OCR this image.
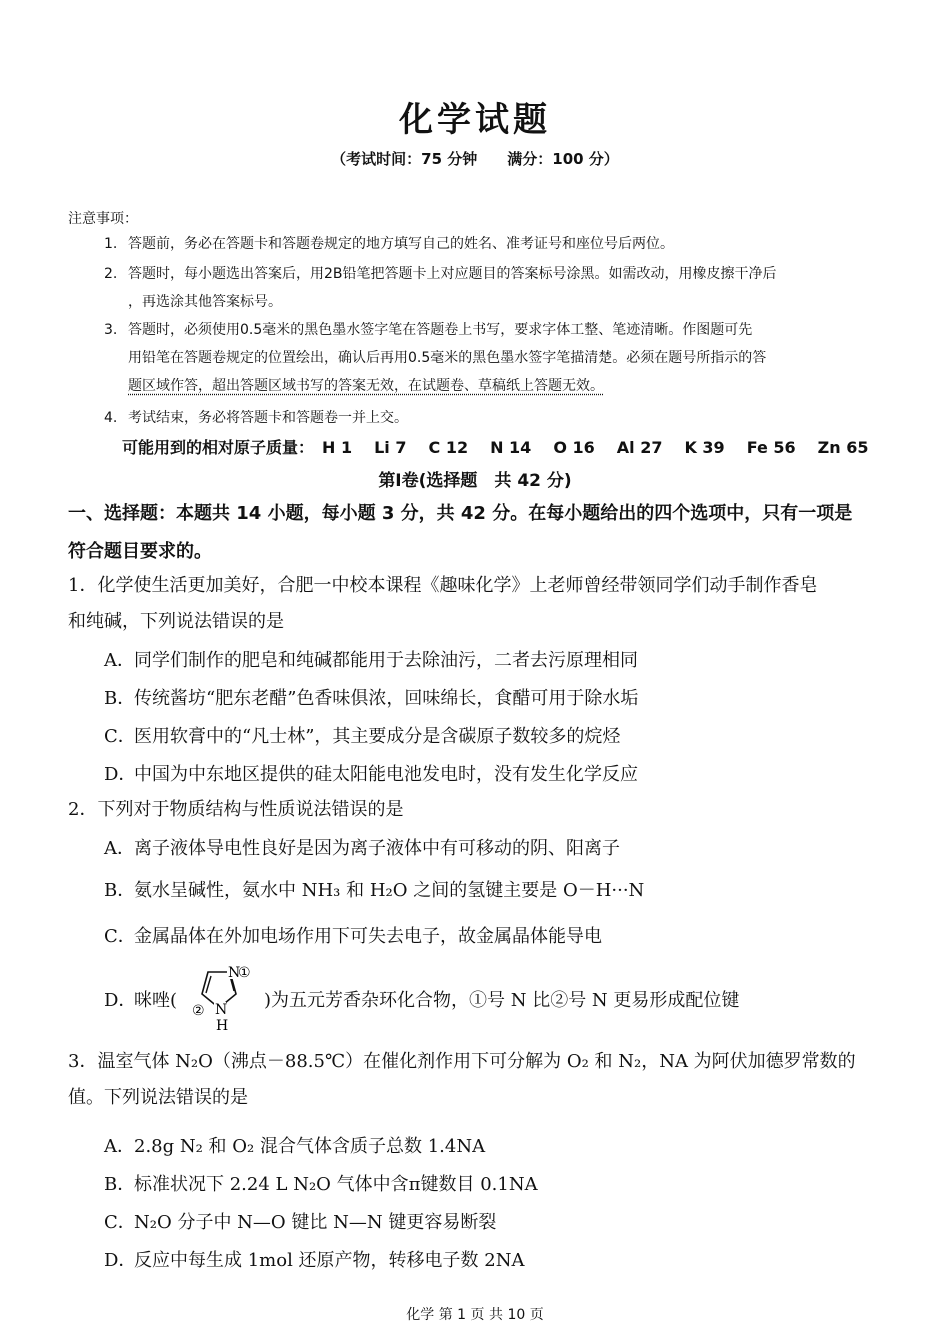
化学试题
（考试时间：75 分钟　　满分：100 分）
注意事项：
1. 答题前，务必在答题卡和答题卷规定的地方填写自己的姓名、准考证号和座位号后两位。
2. 答题时，每小题选出答案后，用2B铅笔把答题卡上对应题目的答案标号涂黑。如需改动，用橡皮擦干净后
，再选涂其他答案标号。
3. 答题时，必须使用0.5毫米的黑色墨水签字笔在答题卷上书写，要求字体工整、笔迹清晰。作图题可先
用铅笔在答题卷规定的位置绘出，确认后再用0.5毫米的黑色墨水签字笔描清楚。必须在题号所指示的答
题区域作答，超出答题区域书写的答案无效，在试题卷、草稿纸上答题无效。
4. 考试结束，务必将答题卡和答题卷一并上交。
可能用到的相对原子质量： H 1 Li 7 C 12 N 14 O 16 Al 27 K 39 Fe 56 Zn 65
第I卷(选择题　共 42 分)
一、选择题：本题共 14 小题，每小题 3 分，共 42 分。在每小题给出的四个选项中，只有一项是
符合题目要求的。
1．化学使生活更加美好，合肥一中校本课程《趣味化学》上老师曾经带领同学们动手制作香皂
和纯碱，下列说法错误的是
A．同学们制作的肥皂和纯碱都能用于去除油污，二者去污原理相同
B．传统酱坊“肥东老醋”色香味俱浓，回味绵长，食醋可用于除水垢
C．医用软膏中的“凡士林”，其主要成分是含碳原子数较多的烷烃
D．中国为中东地区提供的硅太阳能电池发电时，没有发生化学反应
2．下列对于物质结构与性质说法错误的是
A．离子液体导电性良好是因为离子液体中有可移动的阴、阳离子
B．氨水呈碱性，氨水中 NH₃ 和 H₂O 之间的氢键主要是 O－H···N
C．金属晶体在外加电场作用下可失去电子，故金属晶体能导电
D．
咪唑(
N
①
N
H
②	)为五元芳香杂环化合物，①号 N 比②号 N 更易形成配位键
3．温室气体 N₂O（沸点－88.5℃）在催化剂作用下可分解为 O₂ 和 N₂，NA 为阿伏加德罗常数的
值。下列说法错误的是
A．2.8g N₂ 和 O₂ 混合气体含质子总数 1.4NA
B．标准状况下 2.24 L N₂O 气体中含π键数目 0.1NA
C．N₂O 分子中 N—O 键比 N—N 键更容易断裂
D．反应中每生成 1mol 还原产物，转移电子数 2NA
化学 第 1 页 共 10 页
